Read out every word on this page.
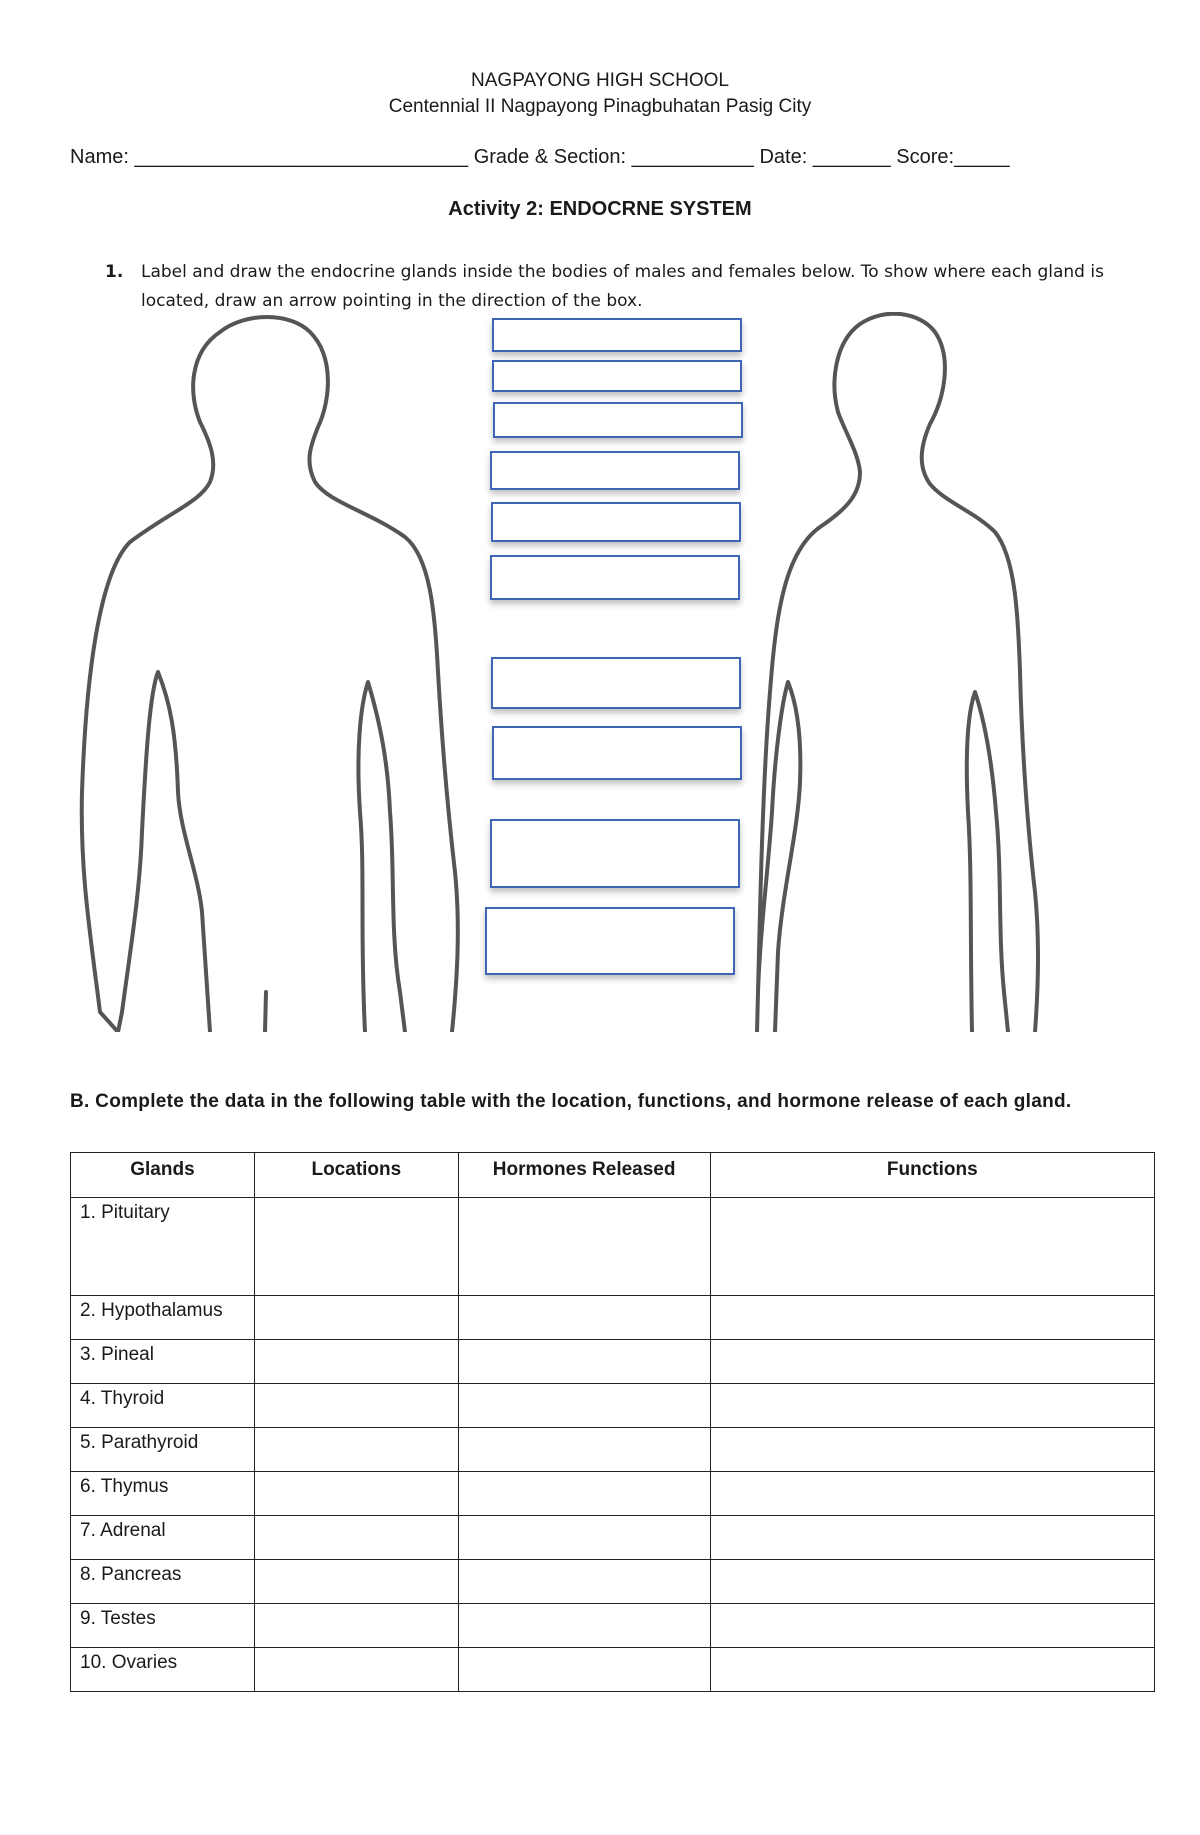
NAGPAYONG HIGH SCHOOL
Centennial II Nagpayong Pinagbuhatan Pasig City
Name: ______________________________ Grade & Section: ___________ Date: _______ Score:_____
Activity 2: ENDOCRNE SYSTEM
1. Label and draw the endocrine glands inside the bodies of males and females below. To show where each gland is located, draw an arrow pointing in the direction of the box.
B. Complete the data in the following table with the location, functions, and hormone release of each gland.
Glands	Locations	Hormones Released	Functions
1. Pituitary			
2. Hypothalamus			
3. Pineal			
4. Thyroid			
5. Parathyroid			
6. Thymus			
7. Adrenal			
8. Pancreas			
9. Testes			
10. Ovaries			
